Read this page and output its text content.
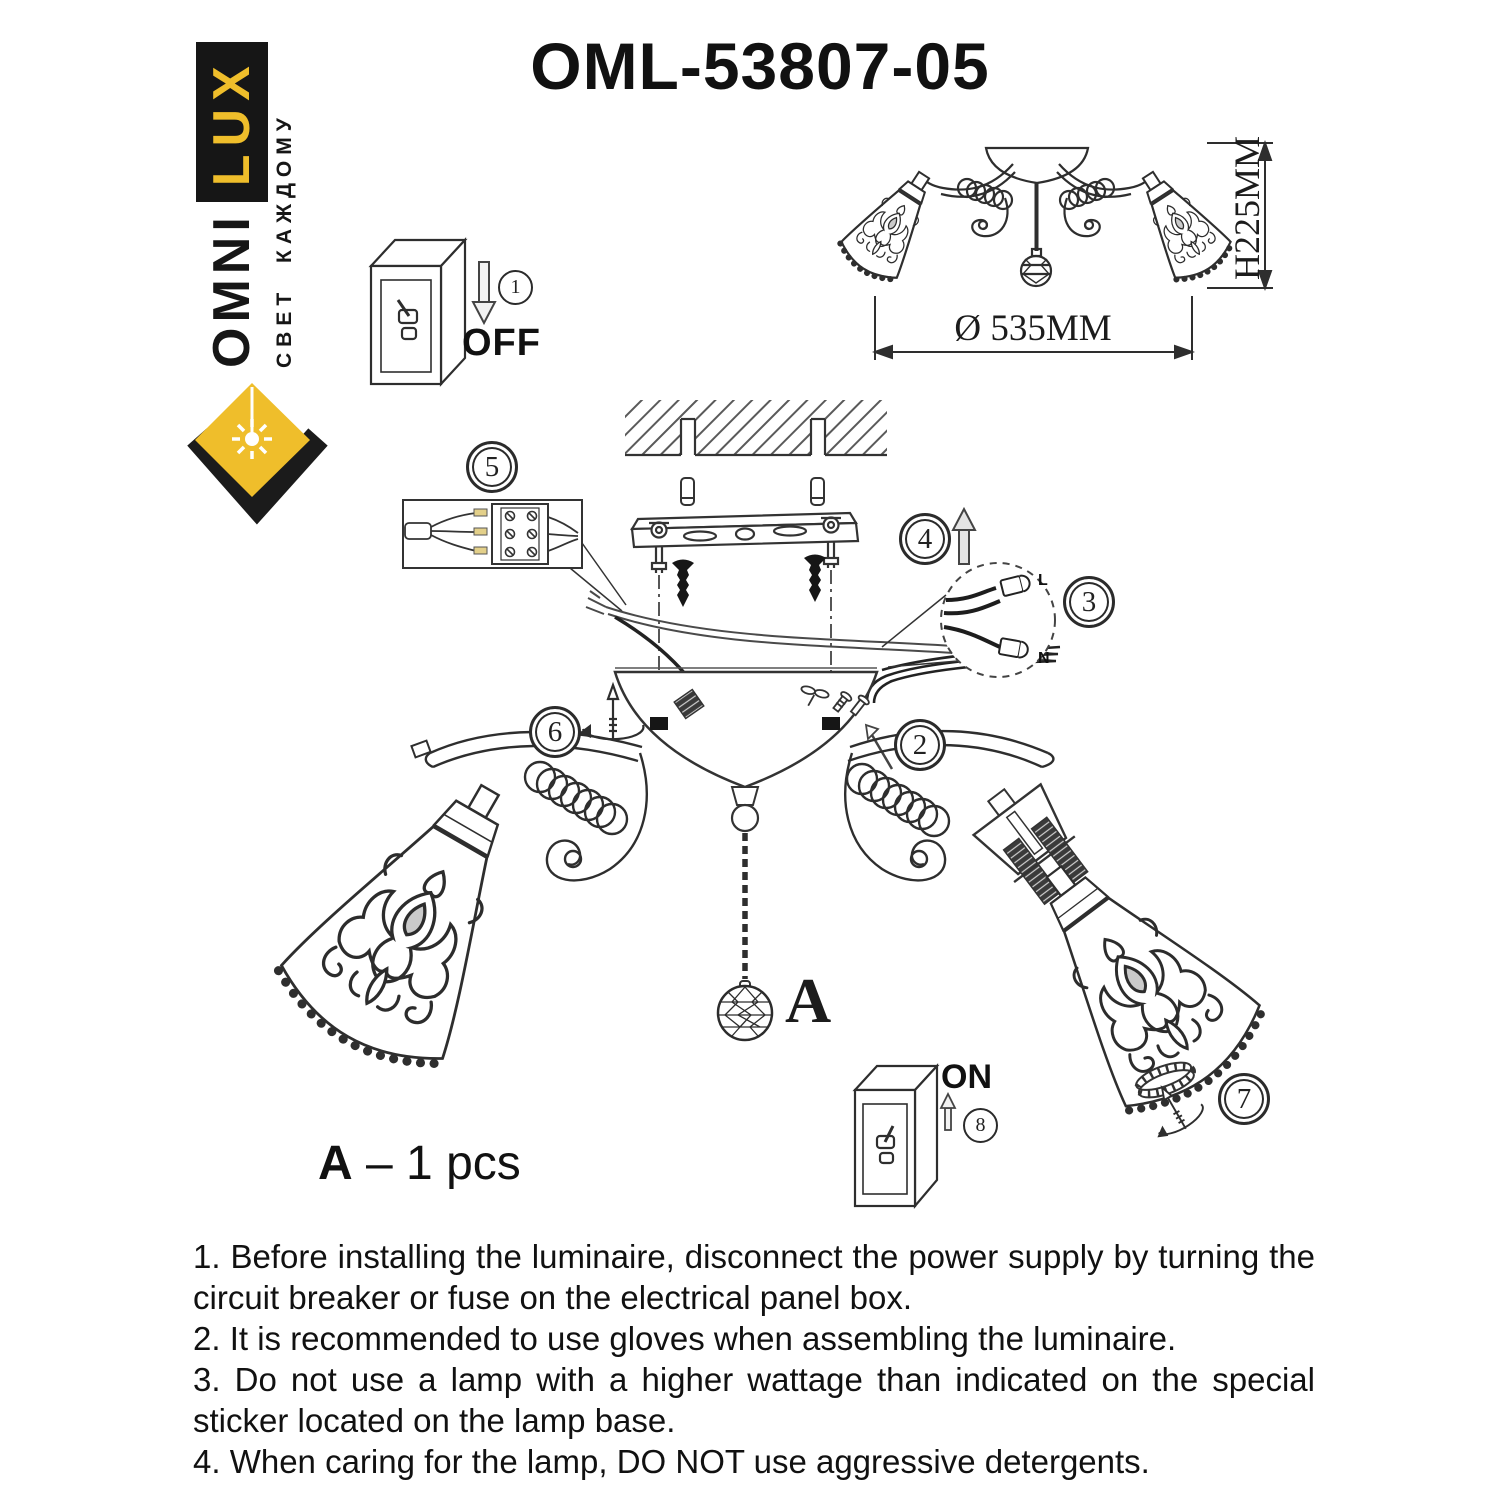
OMNI
LUX СВЕТ КАЖДОМУ
OML-53807-05
H225MM
Ø 535MM
OFF
L
N
ON
1
2
3
4
5
6
7
8
A
A – 1 pcs

1. Before installing the luminaire, disconnect the power supply by turning the circuit breaker or fuse on the electrical panel box.

2. It is recommended to use gloves when assembling the luminaire.

3. Do not use a lamp with a higher wattage than indicated on the special sticker located on the lamp base.

4. When caring for the lamp, DO NOT use aggressive detergents.
